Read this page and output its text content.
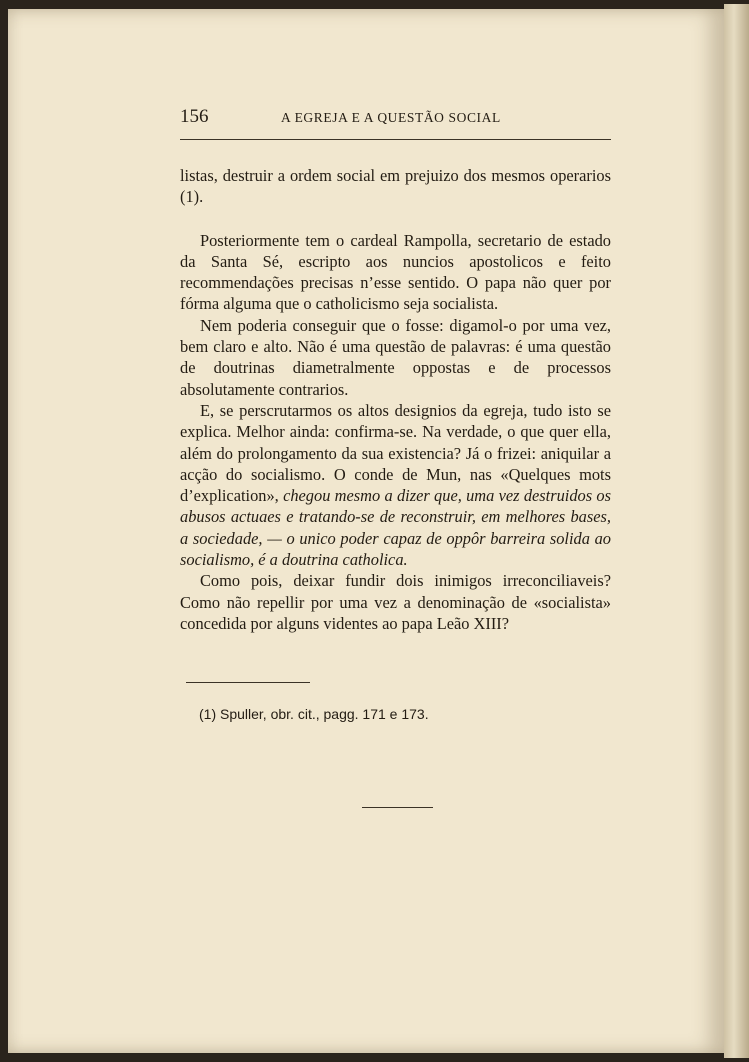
156	A EGREJA E A QUESTÃO SOCIAL

listas, destruir a ordem social em prejuizo dos mesmos operarios (1).

Posteriormente tem o cardeal Rampolla, secretario de estado da Santa Sé, escripto aos nuncios apostolicos e feito recommendações precisas n’esse sentido. O papa não quer por fórma alguma que o catholicismo seja socialista.

Nem poderia conseguir que o fosse: digamol-o por uma vez, bem claro e alto. Não é uma questão de palavras: é uma questão de doutrinas diametralmente oppostas e de processos absolutamente contrarios.

E, se perscrutarmos os altos designios da egreja, tudo isto se explica. Melhor ainda: confirma-se. Na verdade, o que quer ella, além do prolongamento da sua existencia? Já o frizei: aniquilar a acção do socialismo. O conde de Mun, nas «Quelques mots d’explication», chegou mesmo a dizer que, uma vez destruidos os abusos actuaes e tratando-se de reconstruir, em melhores bases, a sociedade, — o unico poder capaz de oppôr barreira solida ao socialismo, é a doutrina catholica.

Como pois, deixar fundir dois inimigos irreconciliaveis? Como não repellir por uma vez a denominação de «socialista» concedida por alguns videntes ao papa Leão XIII?

(1) Spuller, obr. cit., pagg. 171 e 173.
